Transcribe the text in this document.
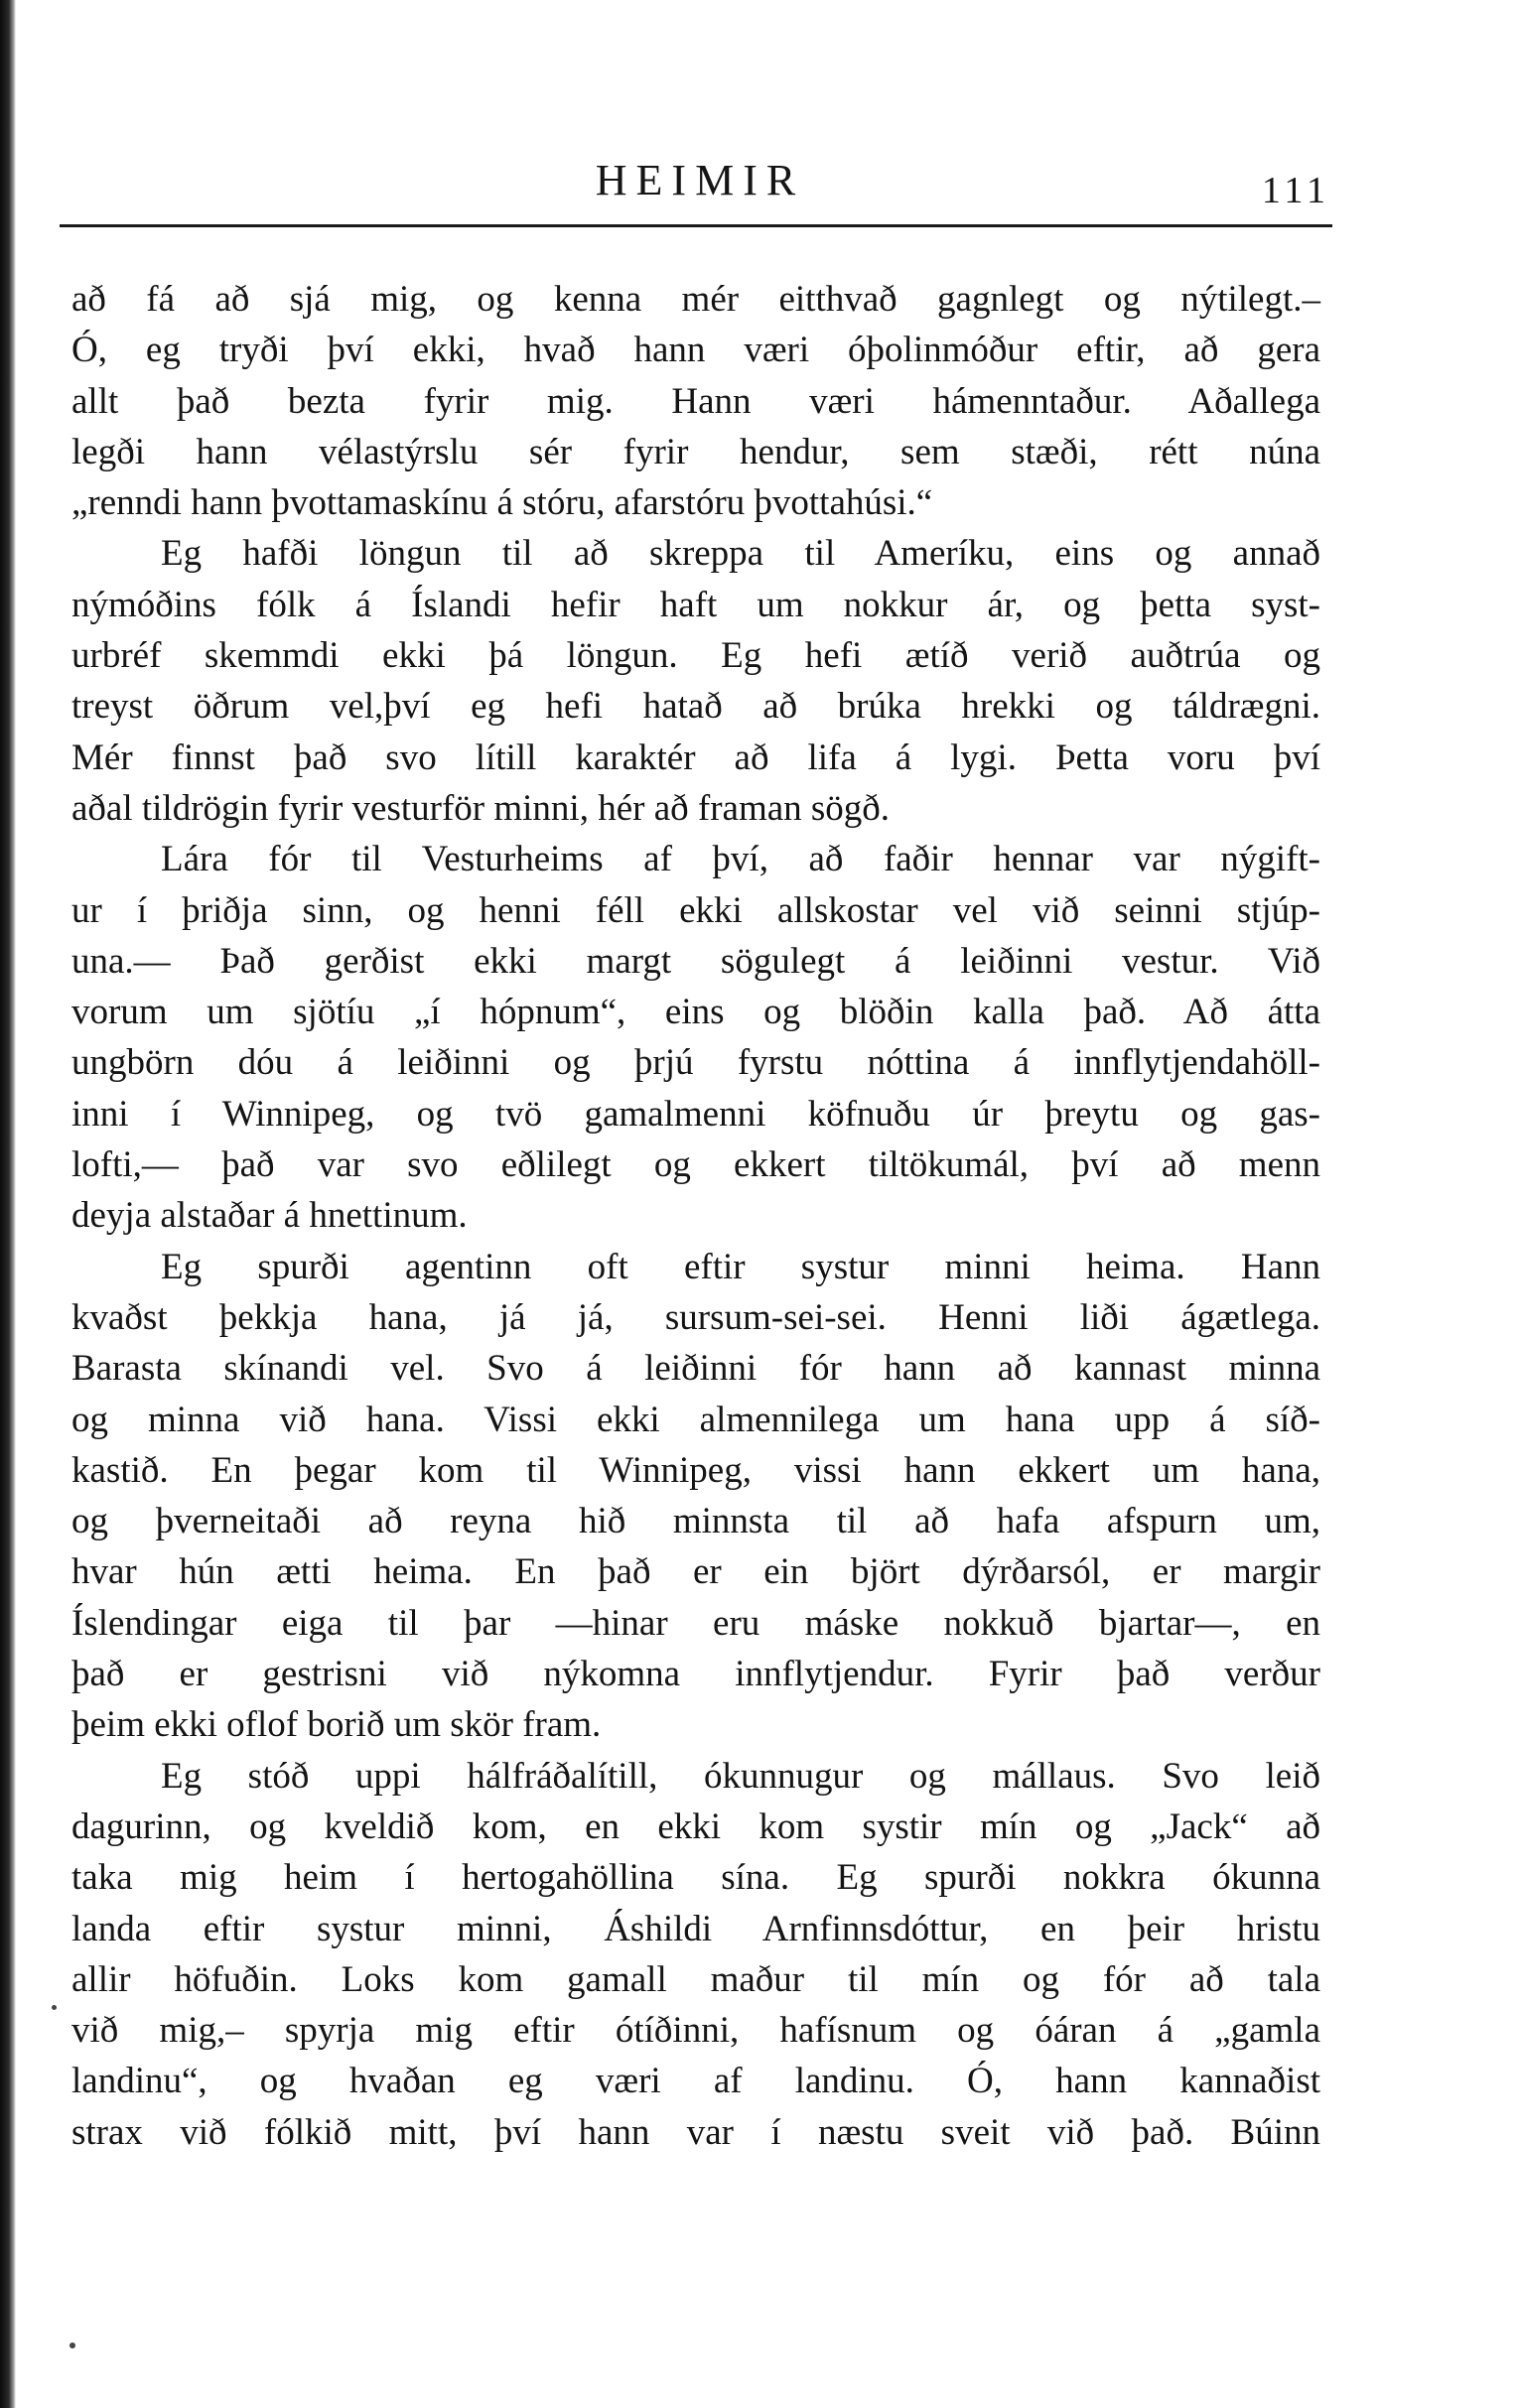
HEIMIR	111
að fá að sjá mig, og kenna mér eitthvað gagnlegt og nýtilegt.–
Ó, eg tryði því ekki, hvað hann væri óþolinmóður eftir, að gera
allt það bezta fyrir mig. Hann væri hámenntaður. Aðallega
legði hann vélastýrslu sér fyrir hendur, sem stæði, rétt núna
„renndi hann þvottamaskínu á stóru, afarstóru þvottahúsi.“
Eg hafði löngun til að skreppa til Ameríku, eins og annað
nýmóðins fólk á Íslandi hefir haft um nokkur ár, og þetta syst-
urbréf skemmdi ekki þá löngun. Eg hefi ætíð verið auðtrúa og
treyst öðrum vel,því eg hefi hatað að brúka hrekki og táldrægni.
Mér finnst það svo lítill karaktér að lifa á lygi. Þetta voru því
aðal tildrögin fyrir vesturför minni, hér að framan sögð.
Lára fór til Vesturheims af því, að faðir hennar var nýgift-
ur í þriðja sinn, og henni féll ekki allskostar vel við seinni stjúp-
una.— Það gerðist ekki margt sögulegt á leiðinni vestur. Við
vorum um sjötíu „í hópnum“, eins og blöðin kalla það. Að átta
ungbörn dóu á leiðinni og þrjú fyrstu nóttina á innflytjendahöll-
inni í Winnipeg, og tvö gamalmenni köfnuðu úr þreytu og gas-
lofti,— það var svo eðlilegt og ekkert tiltökumál, því að menn
deyja alstaðar á hnettinum.
Eg spurði agentinn oft eftir systur minni heima. Hann
kvaðst þekkja hana, já já, sursum-sei-sei. Henni liði ágætlega.
Barasta skínandi vel. Svo á leiðinni fór hann að kannast minna
og minna við hana. Vissi ekki almennilega um hana upp á síð-
kastið. En þegar kom til Winnipeg, vissi hann ekkert um hana,
og þverneitaði að reyna hið minnsta til að hafa afspurn um,
hvar hún ætti heima. En það er ein björt dýrðarsól, er margir
Íslendingar eiga til þar —hinar eru máske nokkuð bjartar—, en
það er gestrisni við nýkomna innflytjendur. Fyrir það verður
þeim ekki oflof borið um skör fram.
Eg stóð uppi hálfráðalítill, ókunnugur og mállaus. Svo leið
dagurinn, og kveldið kom, en ekki kom systir mín og „Jack“ að
taka mig heim í hertogahöllina sína. Eg spurði nokkra ókunna
landa eftir systur minni, Áshildi Arnfinnsdóttur, en þeir hristu
allir höfuðin. Loks kom gamall maður til mín og fór að tala
við mig,– spyrja mig eftir ótíðinni, hafísnum og óáran á „gamla
landinu“, og hvaðan eg væri af landinu. Ó, hann kannaðist
strax við fólkið mitt, því hann var í næstu sveit við það. Búinn
